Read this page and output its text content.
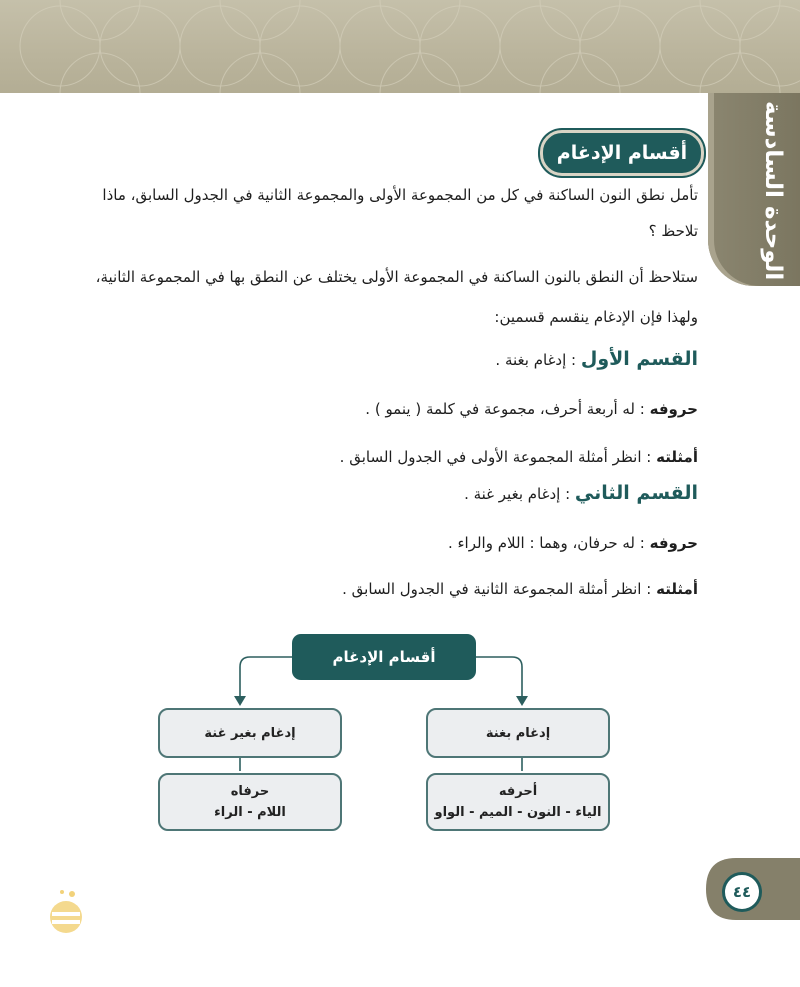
الوحدة السادسة
أقسام الإدغام
تأمل نطق النون الساكنة في كل من المجموعة الأولى والمجموعة الثانية في الجدول السابق، ماذا
تلاحظ ؟
ستلاحظ أن النطق بالنون الساكنة في المجموعة الأولى يختلف عن النطق بها في المجموعة الثانية،
ولهذا فإن الإدغام ينقسم قسمين:
القسم الأول : إدغام بغنة .
حروفه : له أربعة أحرف، مجموعة في كلمة ( ينمو ) .
أمثلته : انظر أمثلة المجموعة الأولى في الجدول السابق .
القسم الثاني : إدغام بغير غنة .
حروفه : له حرفان، وهما : اللام والراء .
أمثلته : انظر أمثلة المجموعة الثانية في الجدول السابق .
أقسام الإدغام
إدغام بغير غنة	إدغام بغنة
حرفاه
اللام - الراء
أحرفه
الياء - النون - الميم - الواو
٤٤
